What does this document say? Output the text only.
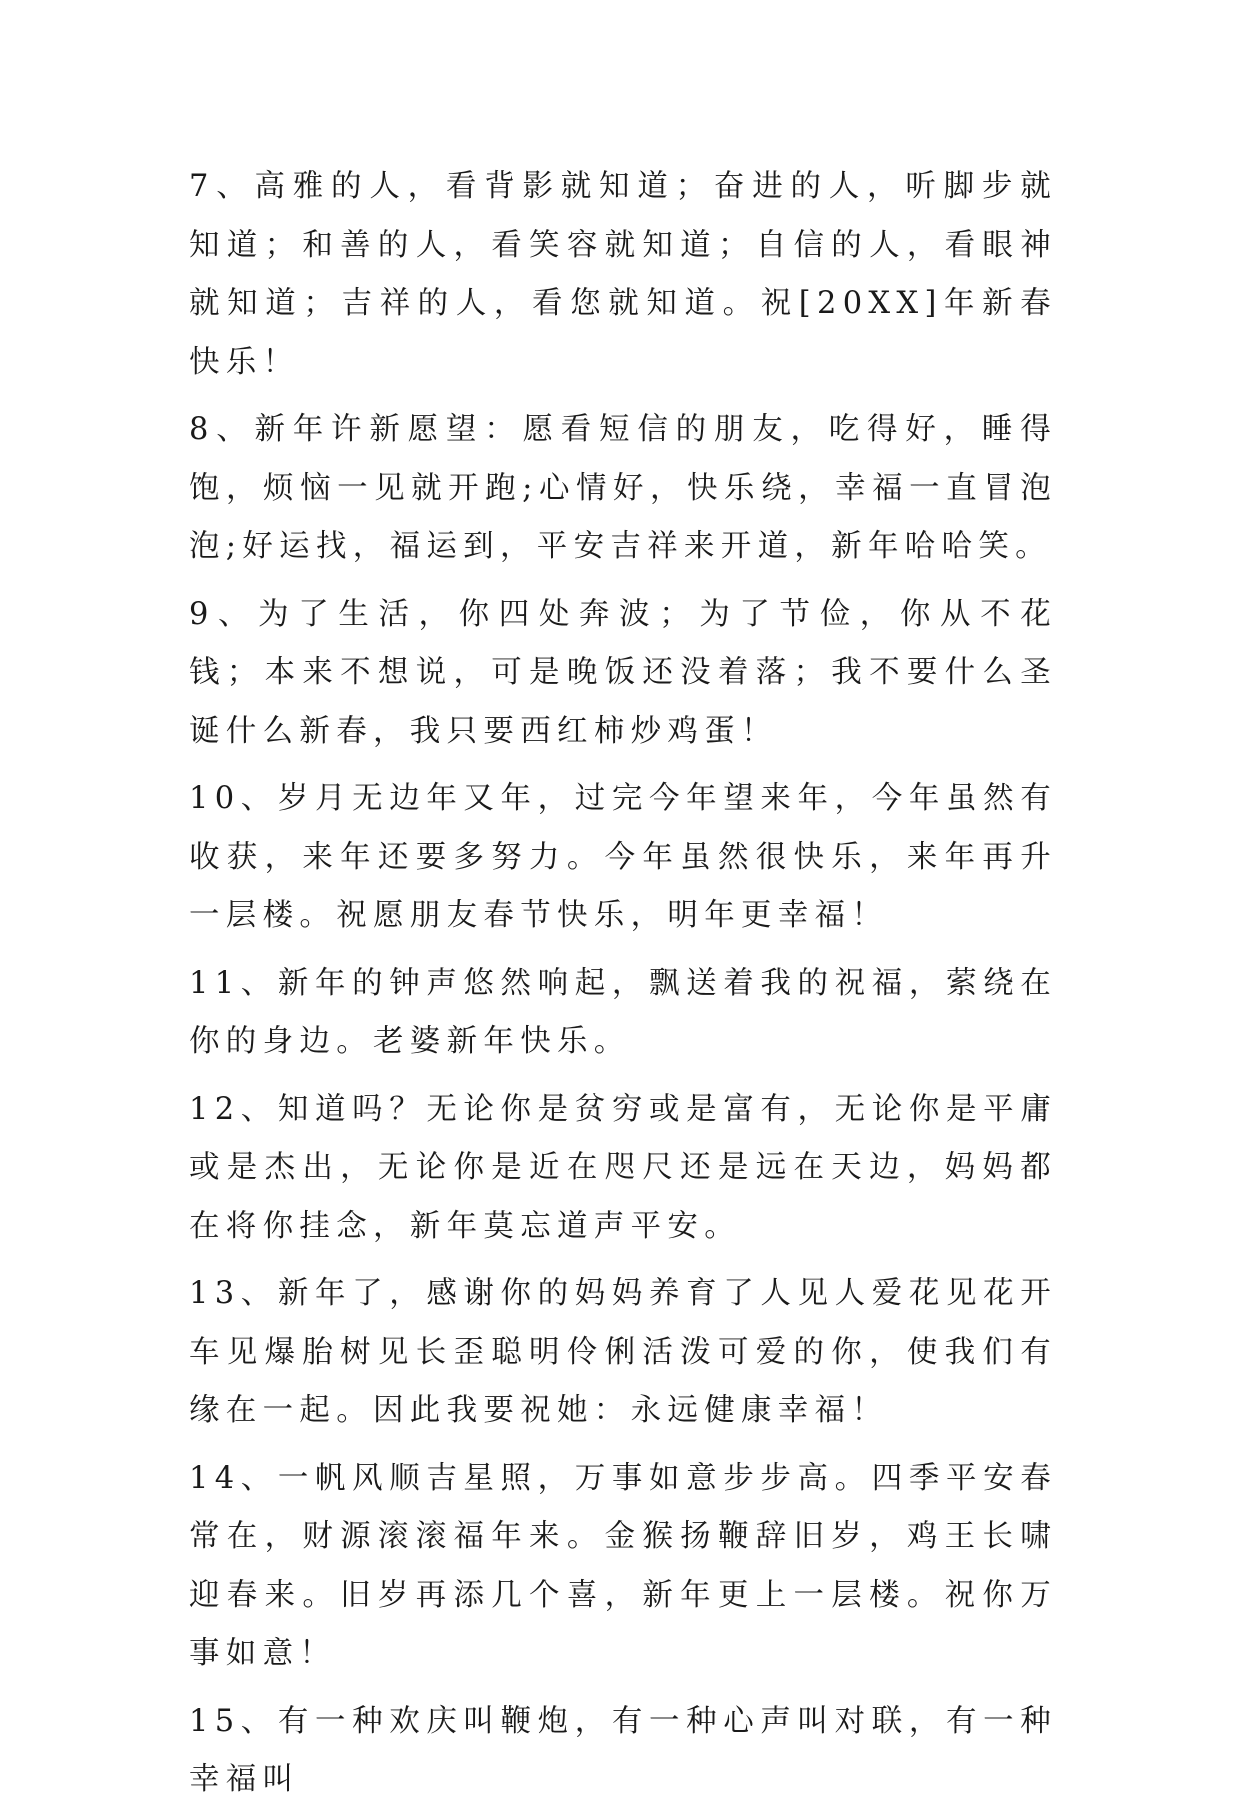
7、高雅的人，看背影就知道；奋进的人，听脚步就知道；和善的人，看笑容就知道；自信的人，看眼神就知道；吉祥的人，看您就知道。祝[20XX]年新春快乐！

8、新年许新愿望：愿看短信的朋友，吃得好，睡得饱，烦恼一见就开跑;心情好，快乐绕，幸福一直冒泡泡;好运找，福运到，平安吉祥来开道，新年哈哈笑。

9、为了生活，你四处奔波；为了节俭，你从不花钱；本来不想说，可是晚饭还没着落；我不要什么圣诞什么新春，我只要西红柿炒鸡蛋！

10、岁月无边年又年，过完今年望来年，今年虽然有收获，来年还要多努力。今年虽然很快乐，来年再升一层楼。祝愿朋友春节快乐，明年更幸福！

11、新年的钟声悠然响起，飘送着我的祝福，萦绕在你的身边。老婆新年快乐。

12、知道吗？无论你是贫穷或是富有，无论你是平庸或是杰出，无论你是近在咫尺还是远在天边，妈妈都在将你挂念，新年莫忘道声平安。

13、新年了，感谢你的妈妈养育了人见人爱花见花开车见爆胎树见长歪聪明伶俐活泼可爱的你，使我们有缘在一起。因此我要祝她：永远健康幸福！

14、一帆风顺吉星照，万事如意步步高。四季平安春常在，财源滚滚福年来。金猴扬鞭辞旧岁，鸡王长啸迎春来。旧岁再添几个喜，新年更上一层楼。祝你万事如意！

15、有一种欢庆叫鞭炮，有一种心声叫对联，有一种幸福叫
